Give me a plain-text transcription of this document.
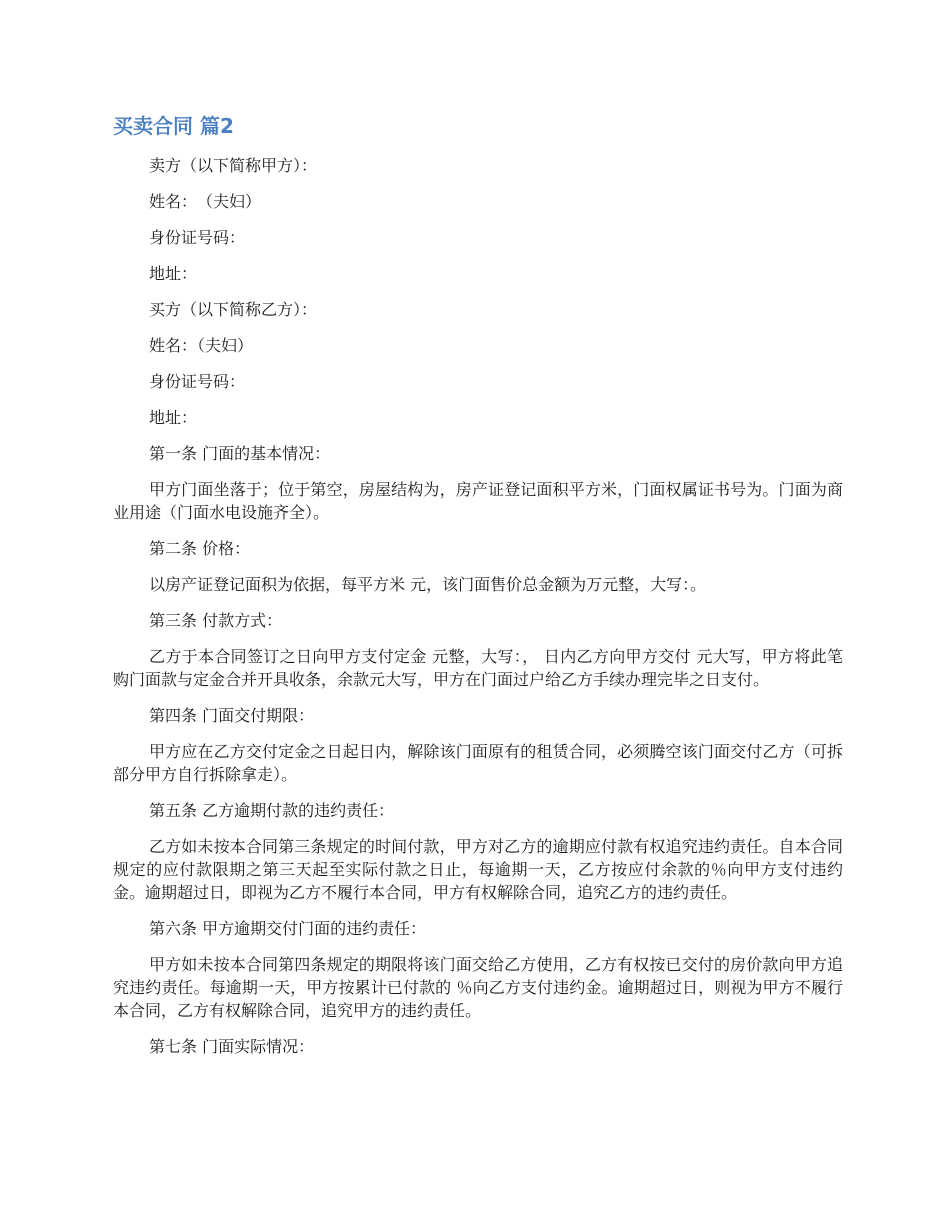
买卖合同 篇2

卖方（以下简称甲方）：

姓名：　（夫妇）

身份证号码：

地址：

买方（以下简称乙方）：

姓名：（夫妇）

身份证号码：

地址：

第一条 门面的基本情况：

甲方门面坐落于；位于第空，房屋结构为，房产证登记面积平方米，门面权属证书号为。门面为商业用途（门面水电设施齐全）。

第二条 价格：

以房产证登记面积为依据，每平方米 元，该门面售价总金额为万元整，大写：。

第三条 付款方式：

乙方于本合同签订之日向甲方支付定金 元整，大写：， 日内乙方向甲方交付 元大写，甲方将此笔购门面款与定金合并开具收条，余款元大写，甲方在门面过户给乙方手续办理完毕之日支付。

第四条 门面交付期限：

甲方应在乙方交付定金之日起日内，解除该门面原有的租赁合同，必须腾空该门面交付乙方（可拆部分甲方自行拆除拿走）。

第五条 乙方逾期付款的违约责任：

乙方如未按本合同第三条规定的时间付款，甲方对乙方的逾期应付款有权追究违约责任。自本合同规定的应付款限期之第三天起至实际付款之日止，每逾期一天，乙方按应付余款的％向甲方支付违约金。逾期超过日，即视为乙方不履行本合同，甲方有权解除合同，追究乙方的违约责任。

第六条 甲方逾期交付门面的违约责任：

甲方如未按本合同第四条规定的期限将该门面交给乙方使用，乙方有权按已交付的房价款向甲方追究违约责任。每逾期一天，甲方按累计已付款的 ％向乙方支付违约金。逾期超过日，则视为甲方不履行本合同，乙方有权解除合同，追究甲方的违约责任。

第七条 门面实际情况：
